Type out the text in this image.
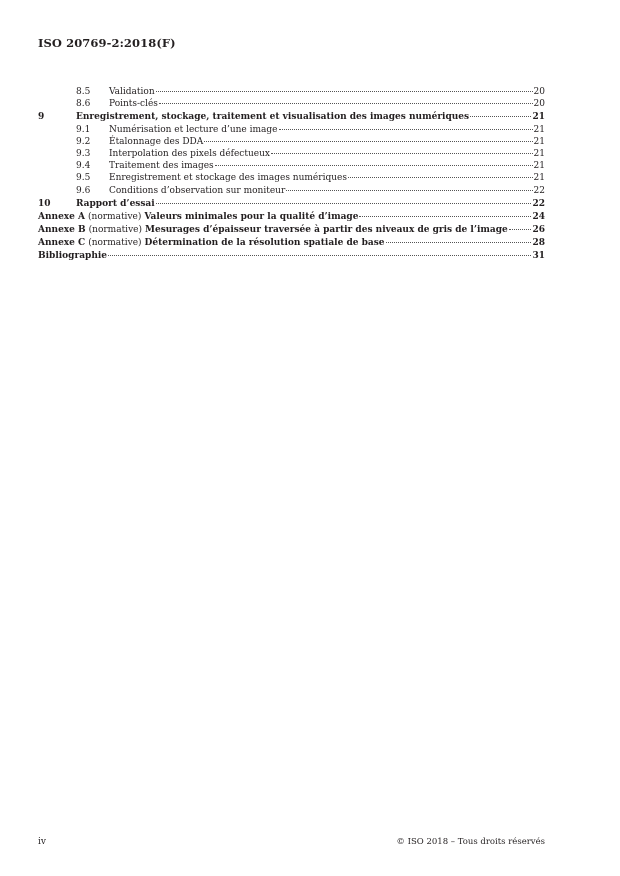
ISO 20769-2:2018(F)
8.5	Validation	20
8.6	Points-clés	20
9	Enregistrement, stockage, traitement et visualisation des images numériques	21
9.1	Numérisation et lecture d’une image	21
9.2	Étalonnage des DDA	21
9.3	Interpolation des pixels défectueux	21
9.4	Traitement des images	21
9.5	Enregistrement et stockage des images numériques	21
9.6	Conditions d’observation sur moniteur	22
10	Rapport d’essai	22
Annexe A (normative) Valeurs minimales pour la qualité d’image	24
Annexe B (normative) Mesurages d’épaisseur traversée à partir des niveaux de gris de l’image	26
Annexe C (normative) Détermination de la résolution spatiale de base	28
Bibliographie	31
iv	© ISO 2018 – Tous droits réservés
